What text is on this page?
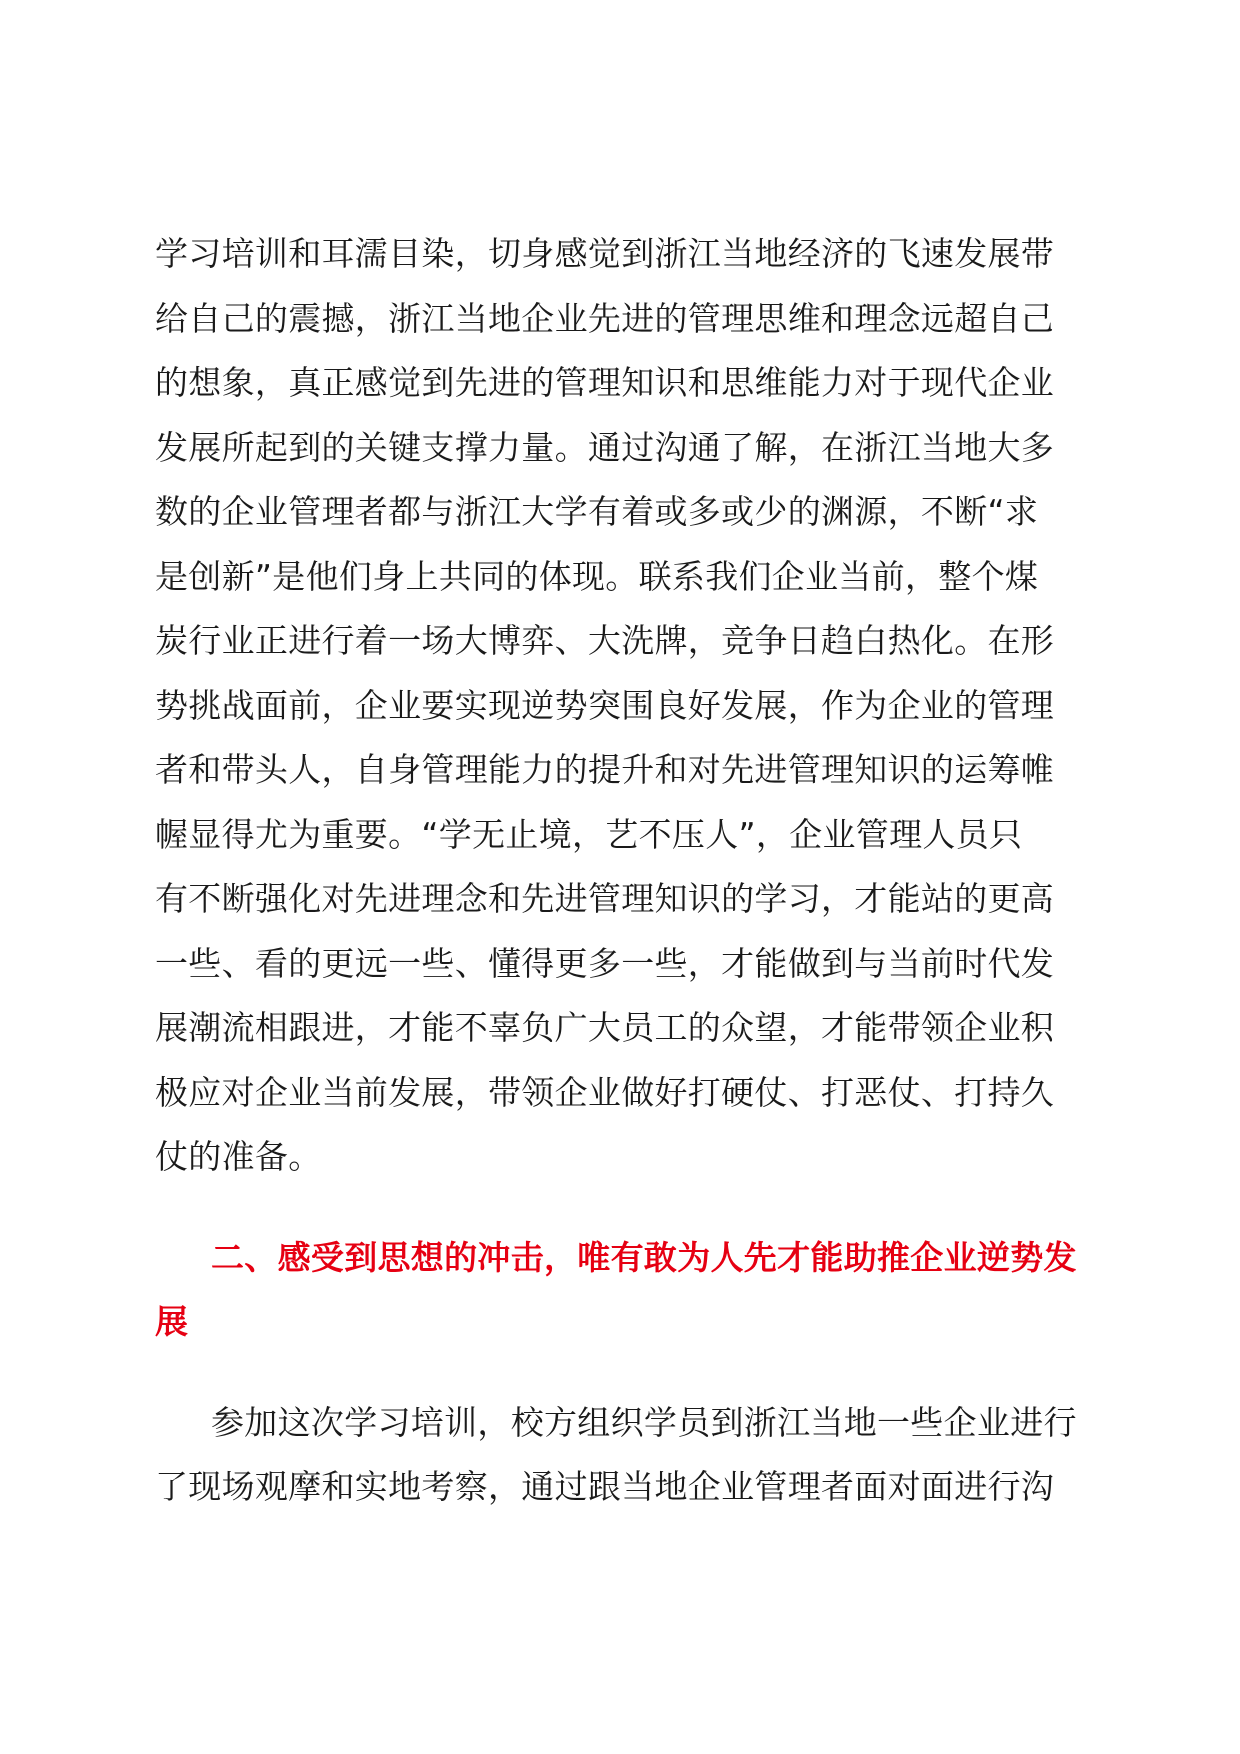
学习培训和耳濡目染，切身感觉到浙江当地经济的飞速发展带
给自己的震撼，浙江当地企业先进的管理思维和理念远超自己
的想象，真正感觉到先进的管理知识和思维能力对于现代企业
发展所起到的关键支撑力量。通过沟通了解，在浙江当地大多
数的企业管理者都与浙江大学有着或多或少的渊源，不断“求
是创新”是他们身上共同的体现。联系我们企业当前，整个煤
炭行业正进行着一场大博弈、大洗牌，竞争日趋白热化。在形
势挑战面前，企业要实现逆势突围良好发展，作为企业的管理
者和带头人，自身管理能力的提升和对先进管理知识的运筹帷
幄显得尤为重要。“学无止境，艺不压人”，企业管理人员只
有不断强化对先进理念和先进管理知识的学习，才能站的更高
一些、看的更远一些、懂得更多一些，才能做到与当前时代发
展潮流相跟进，才能不辜负广大员工的众望，才能带领企业积
极应对企业当前发展，带领企业做好打硬仗、打恶仗、打持久
仗的准备。
二、感受到思想的冲击，唯有敢为人先才能助推企业逆势发
展
参加这次学习培训，校方组织学员到浙江当地一些企业进行
了现场观摩和实地考察，通过跟当地企业管理者面对面进行沟
